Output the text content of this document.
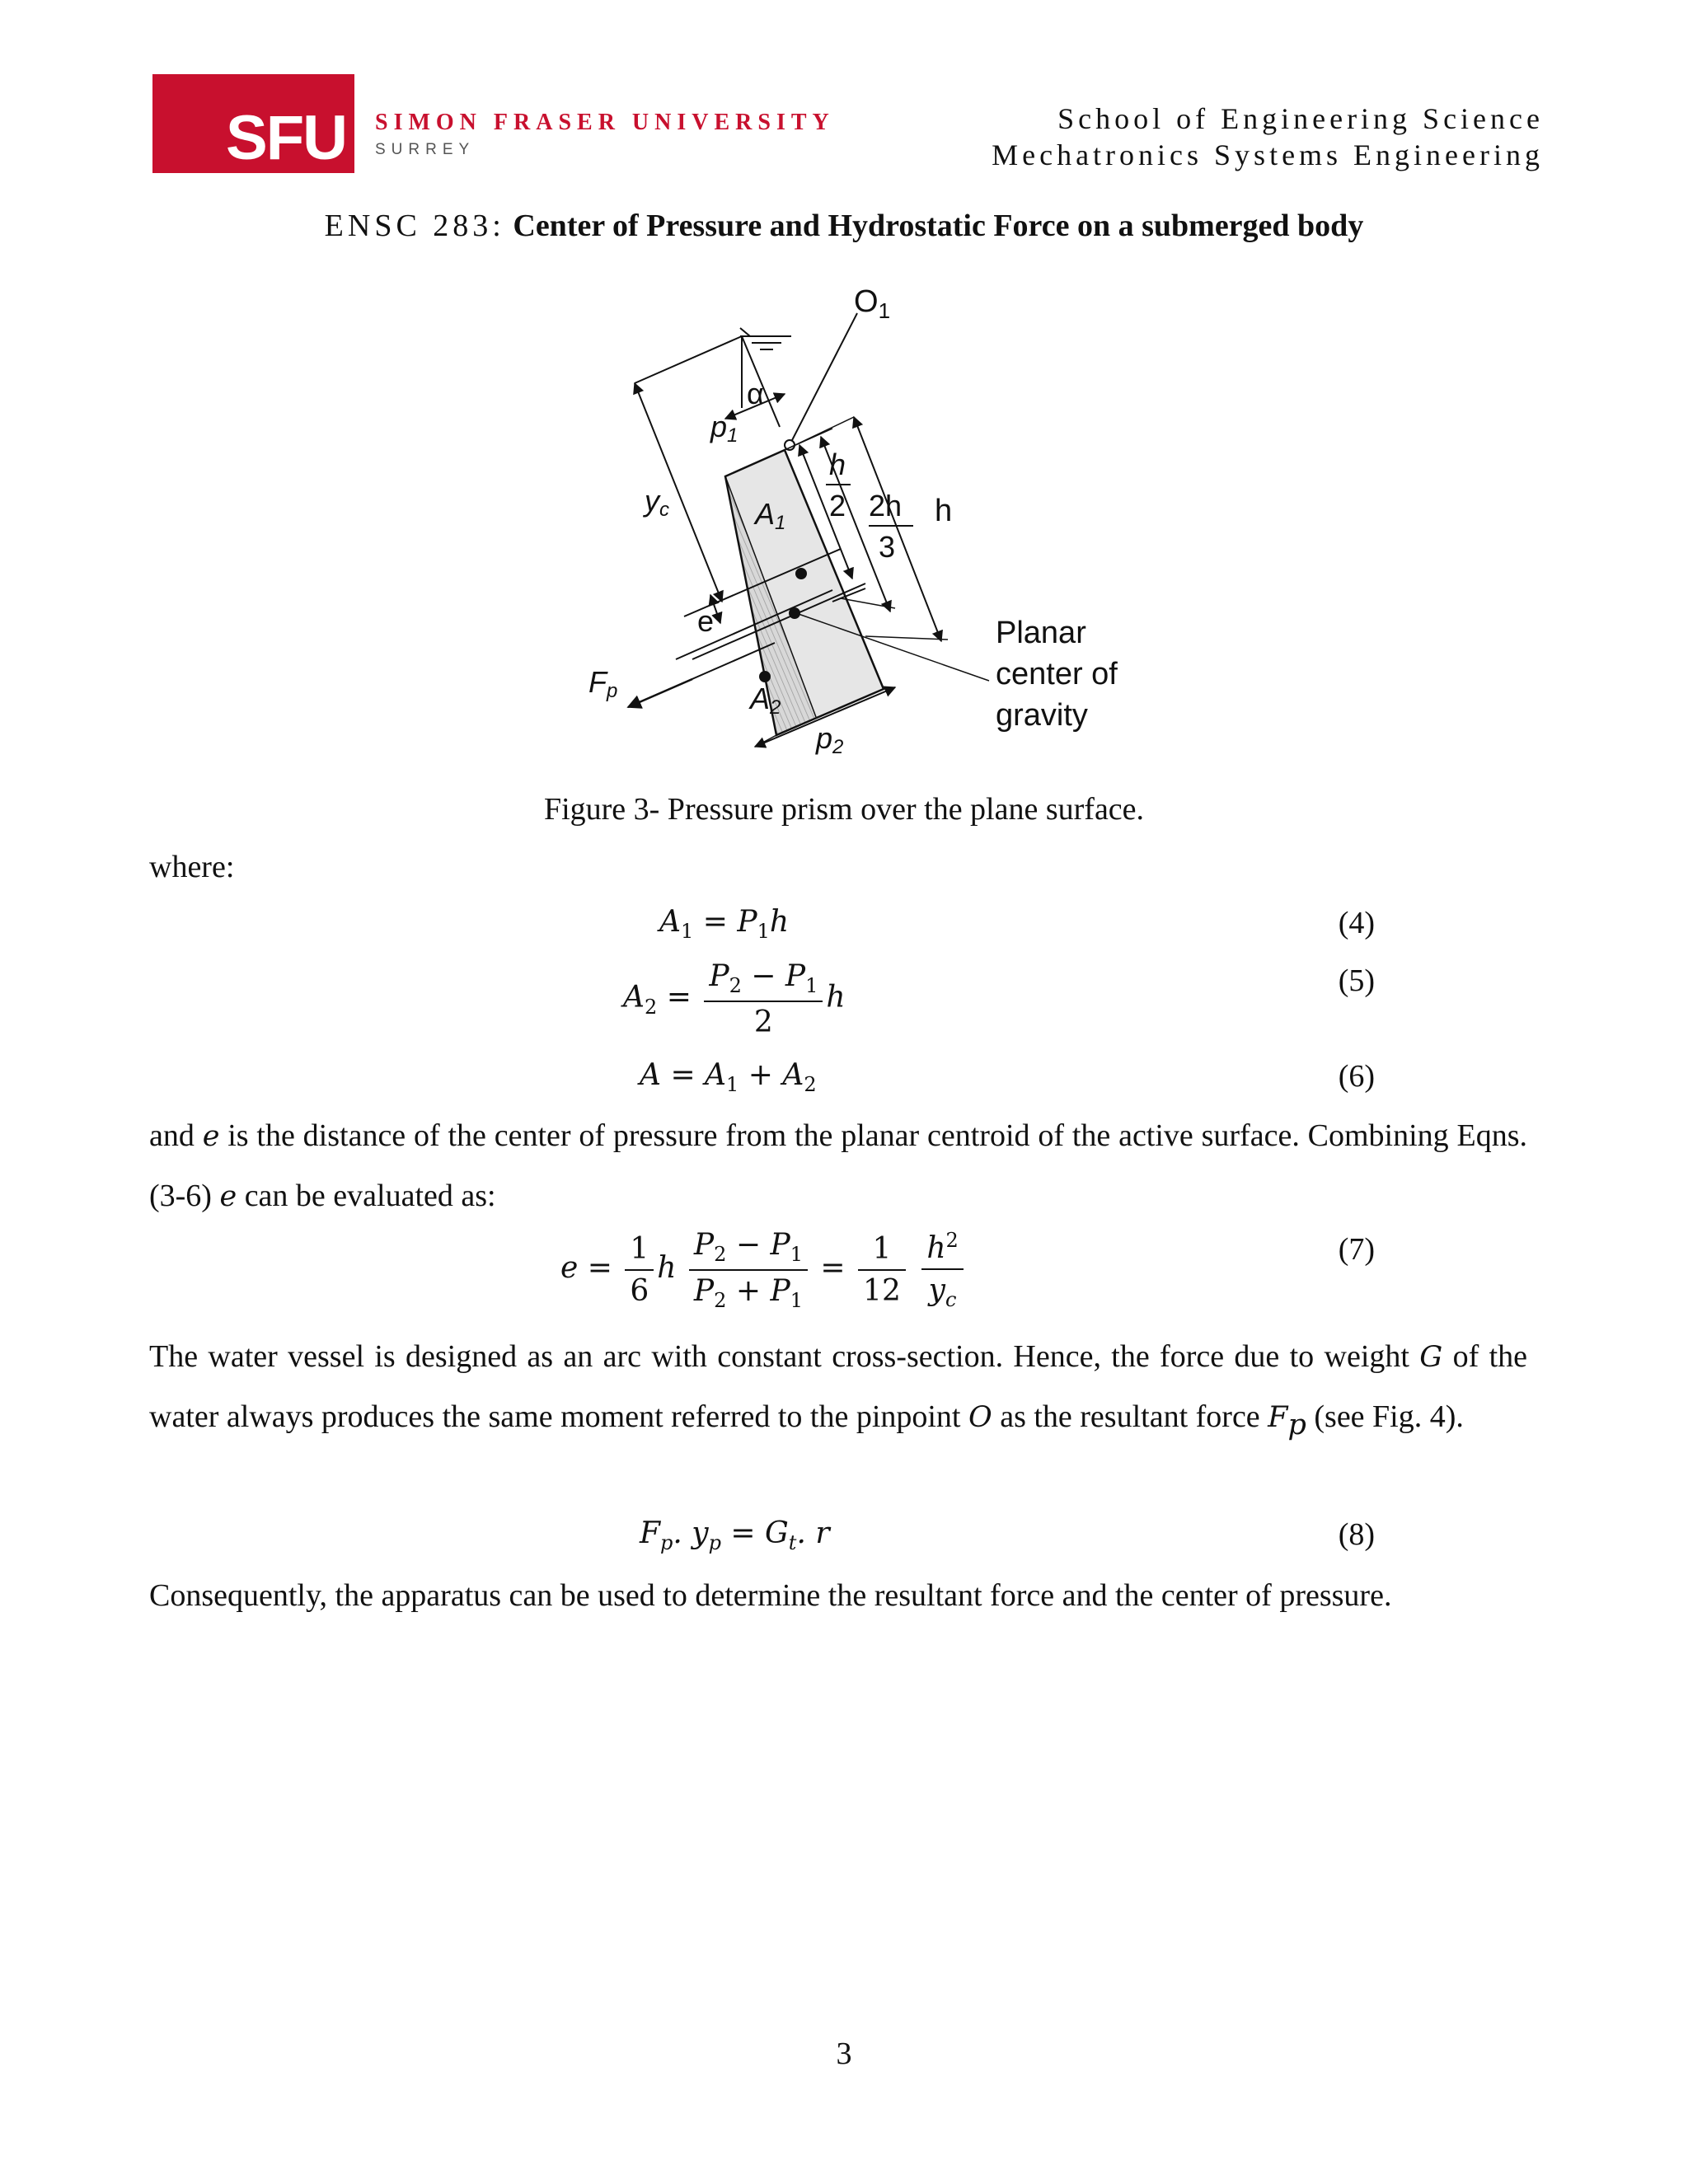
SFU SIMON FRASER UNIVERSITY
SURREY
School of Engineering Science
Mechatronics Systems Engineering
ENSC 283: Center of Pressure and Hydrostatic Force on a submerged body
$O_1$
α
p1
yc	A1
A2
h
2 2h
3
h
e
Fp
p2
Planar
center of
gravity
Figure 3- Pressure prism over the plane surface.
where:
$A_1 = P_1h$	(4)
$A_2 = \frac{P_2 - P_1}{2}$ h	(5)
$A = A_1 + A_2$	(6)
and e is the distance of the center of pressure from the planar centroid of the active surface. Combining Eqns. (3-6) e can be evaluated as:
$e = \frac{1}{6}$ h $\frac{P_2 - P_1}{P_2 + P_1} = \frac{1}{12}$
$\frac{h^2}{y_c}$	(7)
The water vessel is designed as an arc with constant cross-section. Hence, the force due to weight G of the water always produces the same moment referred to the pinpoint O as the resultant force $F_p$ (see Fig. 4).
$F_p$. $y_p = G_t$. r	(8)
Consequently, the apparatus can be used to determine the resultant force and the center of pressure.
3
